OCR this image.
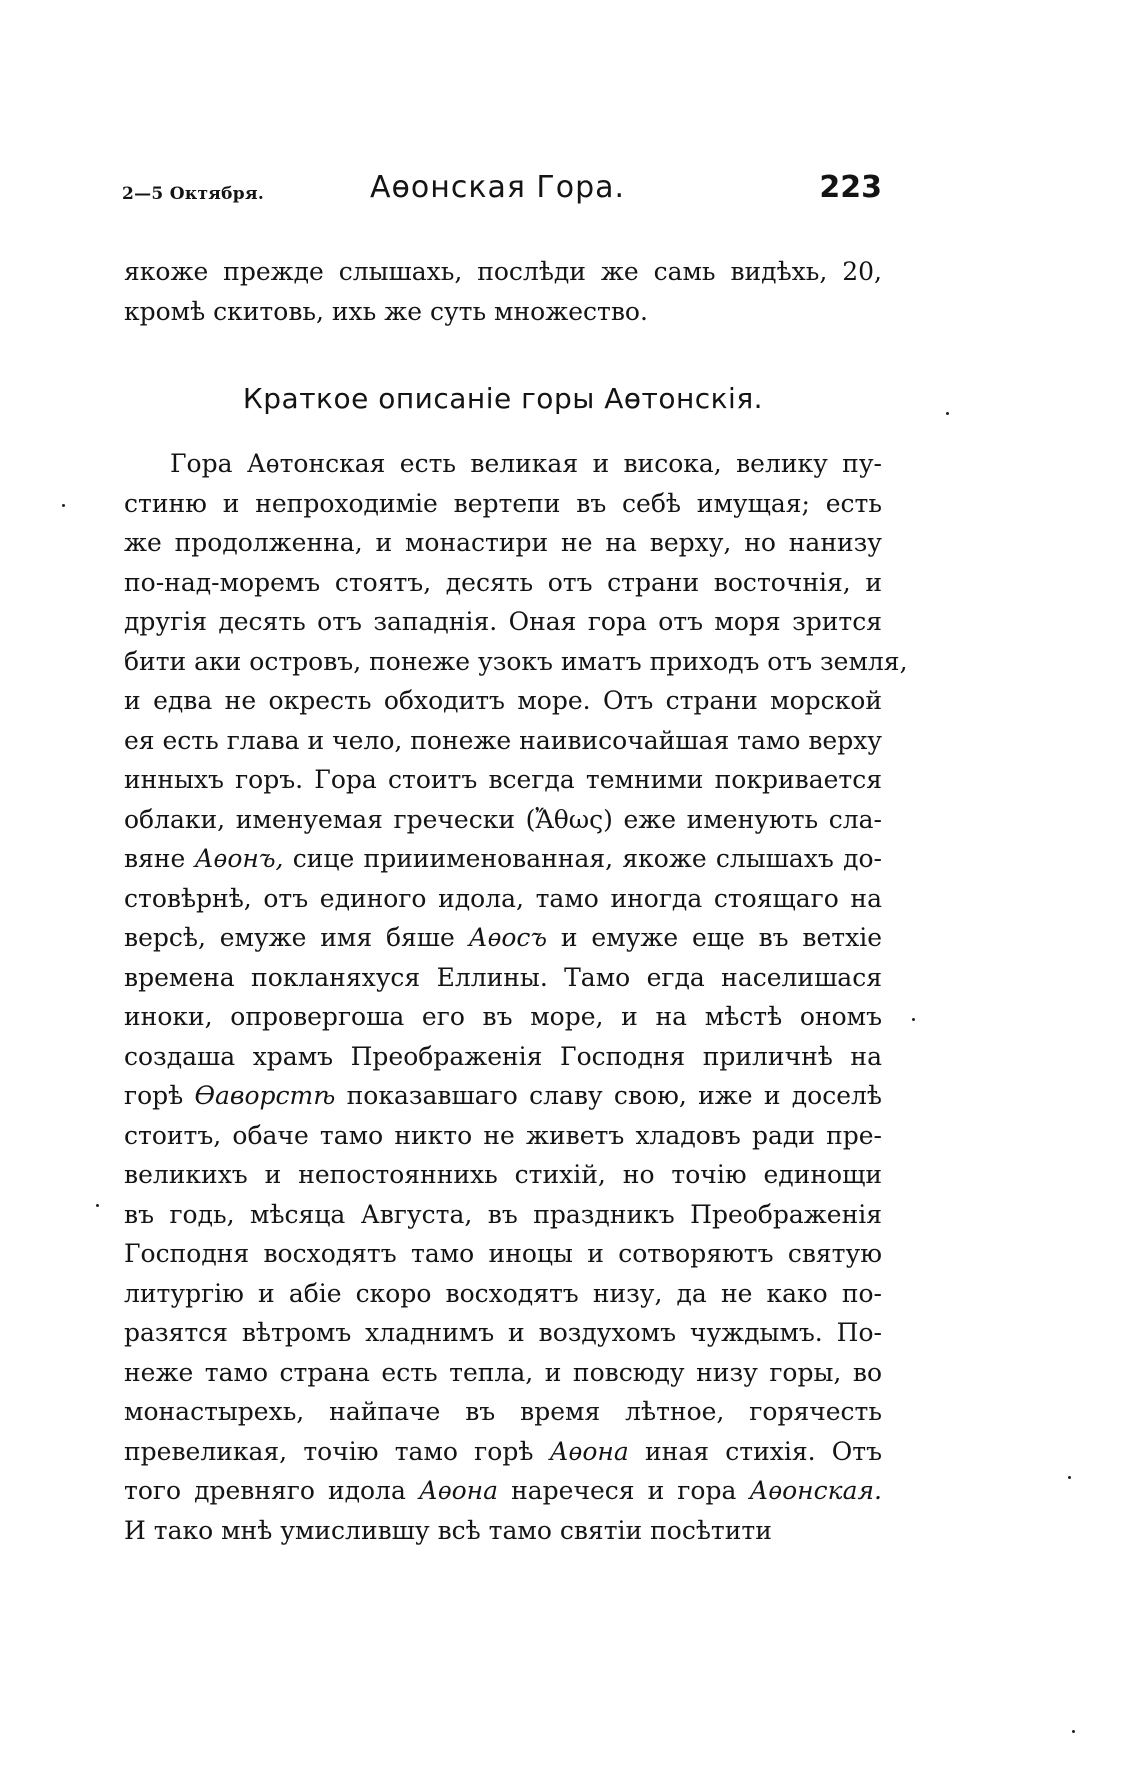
2—5 Октября.	Аѳонская Гора.	223
якоже прежде слышахь, послѣди же самь видѣхь, 20,
кромѣ скитовь, ихь же суть множество.
Краткое описаніе горы Аѳтонскія.
Гора Аѳтонская есть великая и висока, велику пу-
стиню и непроходиміе вертепи въ себѣ имущая; есть
же продолженна, и монастири не на верху, но нанизу
по-над-моремъ стоятъ, десять отъ страни восточнія, и
другія десять отъ западнія. Оная гора отъ моря зрится
бити аки островъ, понеже узокъ иматъ приходъ отъ земля,
и едва не окресть обходитъ море. Отъ страни морской
ея есть глава и чело, понеже наивисочайшая тамо верху
инныхъ горъ. Гора стоитъ всегда темними покривается
облаки, именуемая гречески (Ἄθως) еже именують сла-
вяне Аѳонъ, сице прииименованная, якоже слышахъ до-
стовѣрнѣ, отъ единого идола, тамо иногда стоящаго на
версѣ, емуже имя бяше Аѳосъ и емуже еще въ ветхіе
времена покланяхуся Еллины. Тамо егда населишася
иноки, опровергоша его въ море, и на мѣстѣ ономъ
создаша храмъ Преображенія Господня приличнѣ на
горѣ Ѳаворстѣ показавшаго славу свою, иже и доселѣ
стоитъ, обаче тамо никто не живетъ хладовъ ради пре-
великихъ и непостоянниxь стихій, но точію единощи
въ годь, мѣсяца Августа, въ праздникъ Преображенія
Господня восходятъ тамо иноцы и сотворяютъ святую
литургію и абіе скоро восходятъ низу, да не како по-
разятся вѣтромъ хладнимъ и воздухомъ чуждымъ. По-
неже тамо страна есть тепла, и повсюду низу горы, во
монастырехь, найпаче въ время лѣтное, горячесть
превеликая, точію тамо горѣ Аѳона иная стихія. Отъ
того древняго идола Аѳона наречеся и гора Аѳонская.
И тако мнѣ умислившу всѣ тамо святіи посѣтити
